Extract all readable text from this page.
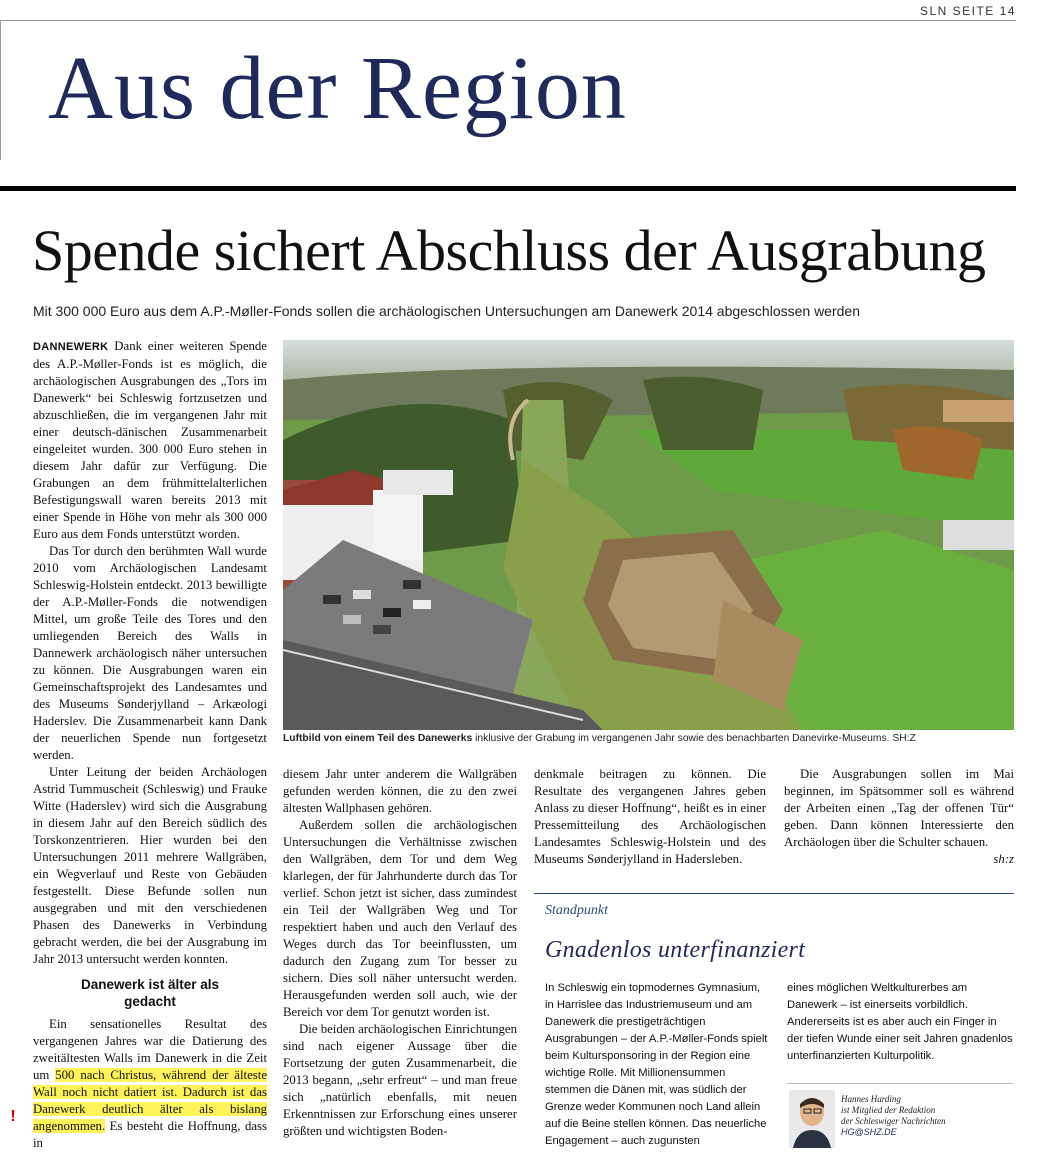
SLN SEITE 14
Aus der Region
Spende sichert Abschluss der Ausgrabung
Mit 300 000 Euro aus dem A.P.-Møller-Fonds sollen die archäologischen Untersuchungen am Danewerk 2014 abgeschlossen werden

DANNEWERK Dank einer weiteren Spende des A.P.-Møller-Fonds ist es möglich, die archäologischen Ausgrabungen des „Tors im Danewerk“ bei Schleswig fortzusetzen und abzuschließen, die im vergangenen Jahr mit einer deutsch-dänischen Zusammenarbeit eingeleitet wurden. 300 000 Euro stehen in diesem Jahr dafür zur Verfügung. Die Grabungen an dem frühmittelalterlichen Befestigungswall waren bereits 2013 mit einer Spende in Höhe von mehr als 300 000 Euro aus dem Fonds unterstützt worden.

Das Tor durch den berühmten Wall wurde 2010 vom Archäologischen Landesamt Schleswig-Holstein entdeckt. 2013 bewilligte der A.P.-Møller-Fonds die notwendigen Mittel, um große Teile des Tores und den umliegenden Bereich des Walls in Dannewerk archäologisch näher untersuchen zu können. Die Ausgrabungen waren ein Gemeinschaftsprojekt des Landesamtes und des Museums Sønderjylland – Arkæologi Haderslev. Die Zusammenarbeit kann Dank der neuerlichen Spende nun fortgesetzt werden.

Unter Leitung der beiden Archäologen Astrid Tummuscheit (Schleswig) und Frauke Witte (Haderslev) wird sich die Ausgrabung in diesem Jahr auf den Bereich südlich des Torskonzentrieren. Hier wurden bei den Untersuchungen 2011 mehrere Wallgräben, ein Wegverlauf und Reste von Gebäuden festgestellt. Diese Befunde sollen nun ausgegraben und mit den verschiedenen Phasen des Danewerks in Verbindung gebracht werden, die bei der Ausgrabung im Jahr 2013 untersucht werden konnten.

Danewerk ist älter als gedacht

Ein sensationelles Resultat des vergangenen Jahres war die Datierung des zweitältesten Walls im Danewerk in die Zeit um 500 nach Christus, während der älteste Wall noch nicht datiert ist. Dadurch ist das Danewerk deutlich älter als bislang angenommen. Es besteht die Hoffnung, dass in

Luftbild von einem Teil des Danewerks inklusive der Grabung im vergangenen Jahr sowie des benachbarten Danevirke-Museums. SH:Z

diesem Jahr unter anderem die Wallgräben gefunden werden können, die zu den zwei ältesten Wallphasen gehören.

Außerdem sollen die archäologischen Untersuchungen die Verhältnisse zwischen den Wallgräben, dem Tor und dem Weg klarlegen, der für Jahrhunderte durch das Tor verlief. Schon jetzt ist sicher, dass zumindest ein Teil der Wallgräben Weg und Tor respektiert haben und auch den Verlauf des Weges durch das Tor beeinflussten, um dadurch den Zugang zum Tor besser zu sichern. Dies soll näher untersucht werden. Herausgefunden werden soll auch, wie der Bereich vor dem Tor genutzt worden ist.

Die beiden archäologischen Einrichtungen sind nach eigener Aussage über die Fortsetzung der guten Zusammenarbeit, die 2013 begann, „sehr erfreut“ – und man freue sich „natürlich ebenfalls, mit neuen Erkenntnissen zur Erforschung eines unserer größten und wichtigsten Boden-

denkmale beitragen zu können. Die Resultate des vergangenen Jahres geben Anlass zu dieser Hoffnung“, heißt es in einer Pressemitteilung des Archäologischen Landesamtes Schleswig-Holstein und des Museums Sønderjylland in Hadersleben.

Die Ausgrabungen sollen im Mai beginnen, im Spätsommer soll es während der Arbeiten einen „Tag der offenen Tür“ geben. Dann können Interessierte den Archäologen über die Schulter schauen.

sh:z
Standpunkt
Gnadenlos unterfinanziert
In Schleswig ein topmodernes Gymnasium, in Harrislee das Industriemuseum und am Danewerk die prestigeträchtigen Ausgrabungen – der A.P.-Møller-Fonds spielt beim Kultursponsoring in der Region eine wichtige Rolle. Mit Millionensummen stemmen die Dänen mit, was südlich der Grenze weder Kommunen noch Land allein auf die Beine stellen können. Das neuerliche Engagement – auch zugunsten
eines möglichen Weltkulturerbes am Danewerk – ist einerseits vorbildlich. Andererseits ist es aber auch ein Finger in der tiefen Wunde einer seit Jahren gnadenlos unterfinanzierten Kulturpolitik.
Hannes Harding
ist Mitglied der Redaktion
der Schleswiger Nachrichten
HG@SHZ.DE
!
